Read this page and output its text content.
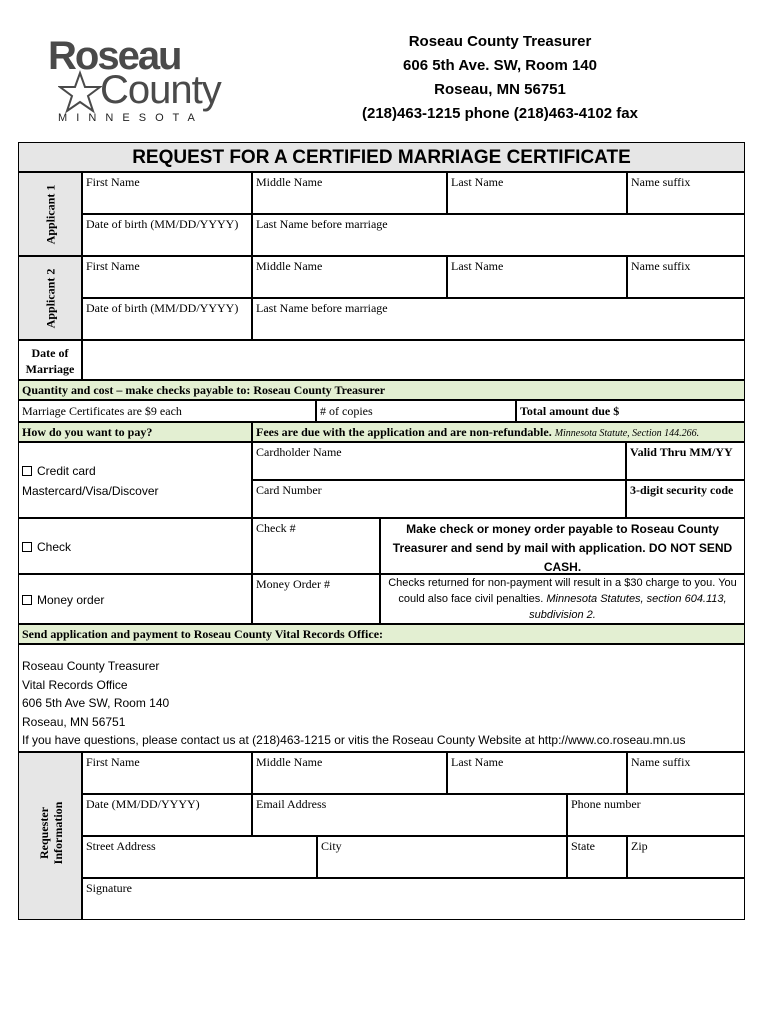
Roseau
County
M I N N E S O T A
Roseau County Treasurer
606 5th Ave. SW, Room 140
Roseau, MN 56751
(218)463-1215 phone (218)463-4102 fax
REQUEST FOR A CERTIFIED MARRIAGE CERTIFICATE
Applicant 1
First Name	Middle Name	Last Name	Name suffix
Date of birth (MM/DD/YYYY)	Last Name before marriage
Applicant 2
First Name	Middle Name	Last Name	Name suffix
Date of birth (MM/DD/YYYY)	Last Name before marriage
Date of Marriage
Quantity and cost – make checks payable to: Roseau County Treasurer
Marriage Certificates are $9 each	# of copies	Total amount due $
How do you want to pay?	Fees are due with the application and are non-refundable. Minnesota Statute, Section 144.266.
Credit card
Mastercard/Visa/Discover
Cardholder Name	Valid Thru MM/YY
Card Number	3-digit security code
Check
Check #	Make check or money order payable to Roseau County Treasurer and send by mail with application. DO NOT SEND CASH.
Money order
Money Order #	Checks returned for non-payment will result in a $30 charge to you. You could also face civil penalties. Minnesota Statutes, section 604.113, subdivision 2.
Send application and payment to Roseau County Vital Records Office:
Roseau County Treasurer
Vital Records Office
606 5th Ave SW, Room 140
Roseau, MN 56751
If you have questions, please contact us at (218)463-1215 or vitis the Roseau County Website at http://www.co.roseau.mn.us
Requester Information
First Name	Middle Name	Last Name	Name suffix
Date (MM/DD/YYYY)	Email Address	Phone number
Street Address	City	State	Zip
Signature
